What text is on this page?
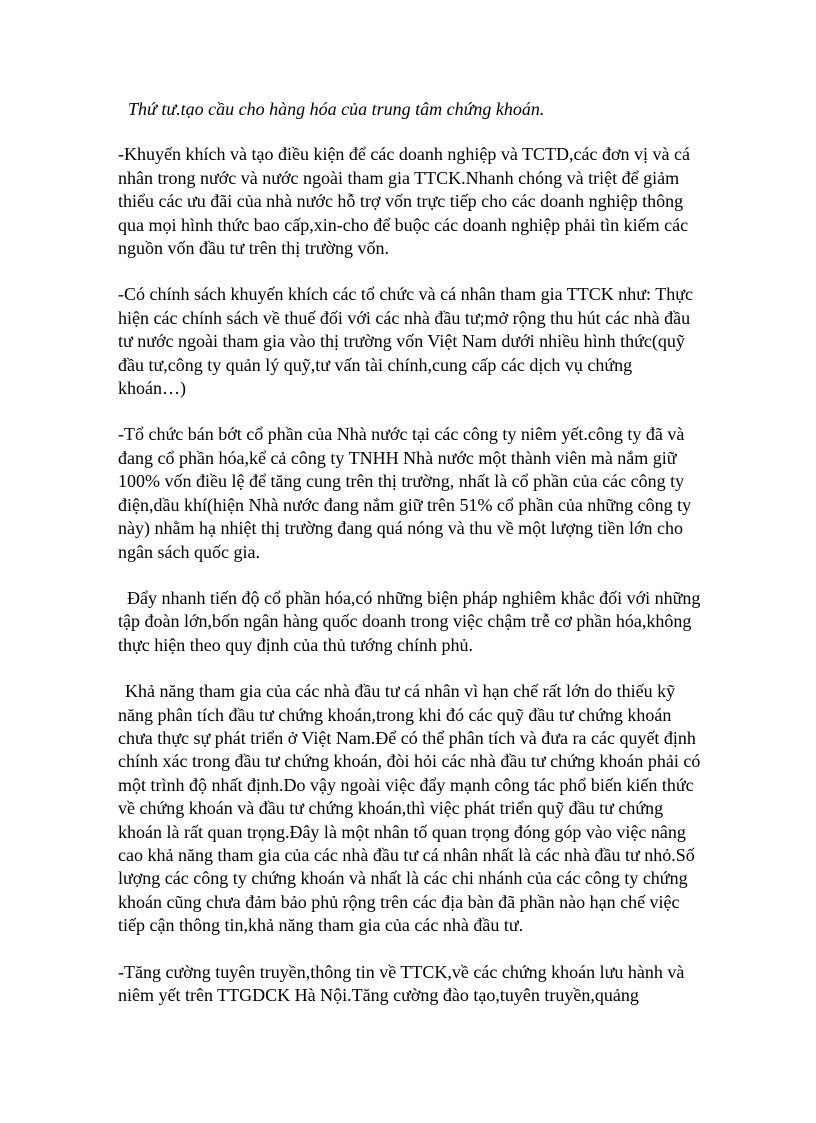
Thứ tư.tạo cầu cho hàng hóa của trung tâm chứng khoán.

-Khuyến khích và tạo điều kiện để các doanh nghiệp và TCTD,các đơn vị và cá nhân trong nước và nước ngoài tham gia TTCK.Nhanh chóng và triệt để giảm thiểu các ưu đãi của nhà nước hỗ trợ vốn trực tiếp cho các doanh nghiệp thông qua mọi hình thức bao cấp,xin-cho để buộc các doanh nghiệp phải tìn kiếm các nguồn vốn đầu tư trên thị trường vốn.

-Có chính sách khuyến khích các tổ chức và cá nhân tham gia TTCK như: Thực hiện các chính sách về thuế đối với các nhà đầu tư;mở rộng thu hút các nhà đầu tư nước ngoài tham gia vào thị trường vốn Việt Nam dưới nhiều hình thức(quỹ đầu tư,công ty quản lý quỹ,tư vấn tài chính,cung cấp các dịch vụ chứng khoán…)

-Tổ chức bán bớt cổ phần của Nhà nước tại các công ty niêm yết.công ty đã và đang cổ phần hóa,kể cả công ty TNHH Nhà nước một thành viên mà nắm giữ 100% vốn điều lệ để tăng cung trên thị trường, nhất là cổ phần của các công ty điện,dầu khí(hiện Nhà nước đang nắm giữ trên 51% cổ phần của những công ty này) nhằm hạ nhiệt thị trường đang quá nóng và thu về một lượng tiền lớn cho ngân sách quốc gia.

Đẩy nhanh tiến độ cổ phần hóa,có những biện pháp nghiêm khắc đối với những tập đoàn lớn,bốn ngân hàng quốc doanh trong việc chậm trễ cơ phần hóa,không thực hiện theo quy định của thủ tướng chính phủ.

Khả năng tham gia của các nhà đầu tư cá nhân vì hạn chế rất lớn do thiếu kỹ năng phân tích đầu tư chứng khoán,trong khi đó các quỹ đầu tư chứng khoán chưa thực sự phát triển ở Việt Nam.Để có thể phân tích và đưa ra các quyết định chính xác trong đầu tư chứng khoán, đòi hỏi các nhà đầu tư chứng khoán phải có một trình độ nhất định.Do vậy ngoài việc đẩy mạnh công tác phổ biến kiến thức về chứng khoán và đầu tư chứng khoán,thì việc phát triển quỹ đầu tư chứng khoán là rất quan trọng.Đây là một nhân tố quan trọng đóng góp vào việc nâng cao khả năng tham gia của các nhà đầu tư cá nhân nhất là các nhà đầu tư nhỏ.Số lượng các công ty chứng khoán và nhất là các chi nhánh của các công ty chứng khoán cũng chưa đảm bảo phủ rộng trên các địa bàn đã phần nào hạn chế việc tiếp cận thông tin,khả năng tham gia của các nhà đầu tư.

-Tăng cường tuyên truyền,thông tin về TTCK,về các chứng khoán lưu hành và niêm yết trên TTGDCK Hà Nội.Tăng cường đào tạo,tuyên truyền,quảng
